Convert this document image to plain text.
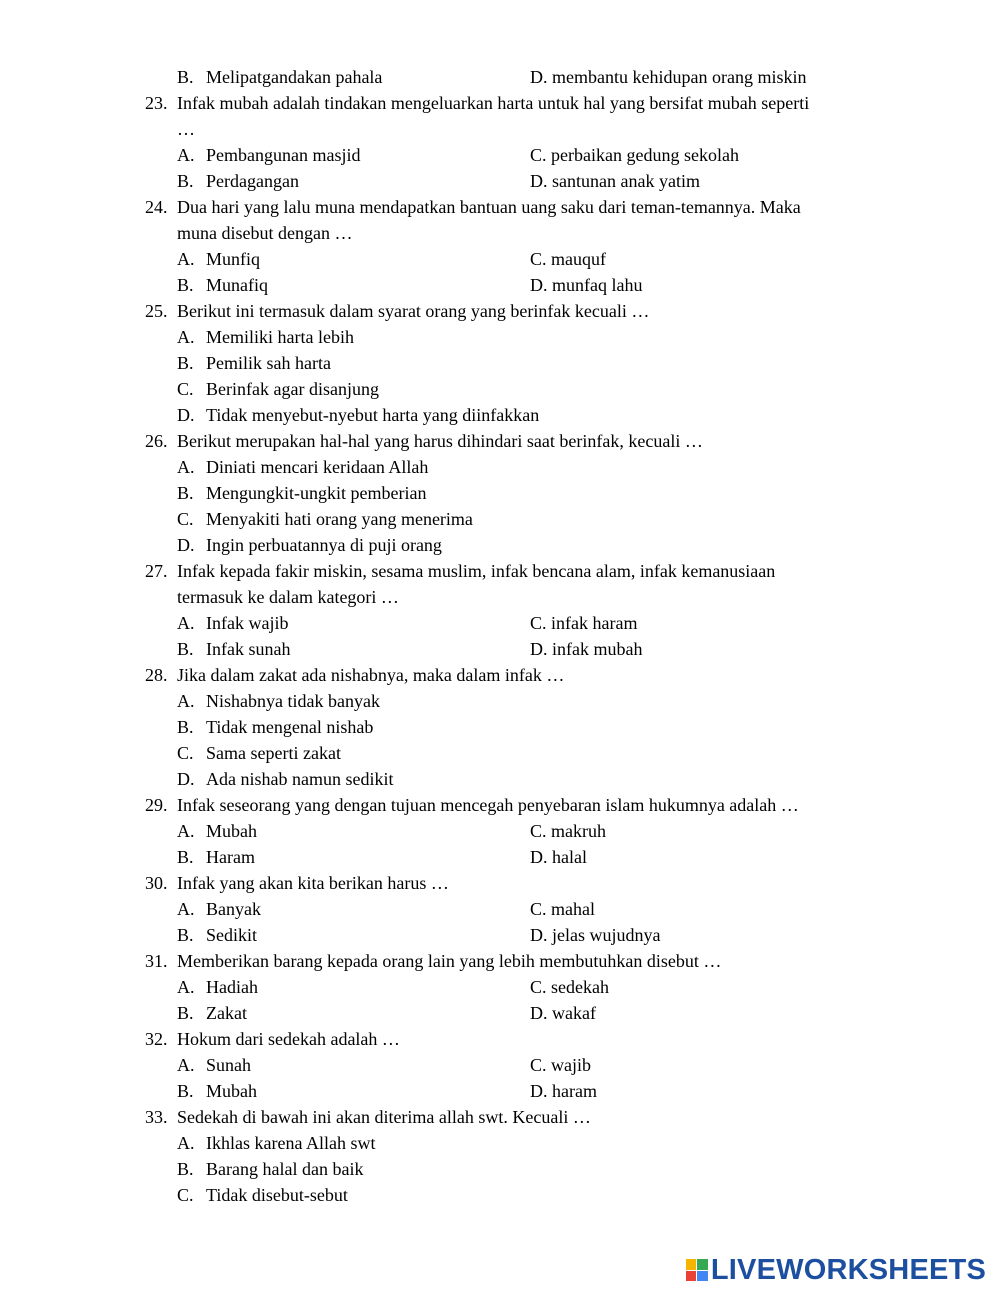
B. Melipatgandakan pahala	D. membantu kehidupan orang miskin
23. Infak mubah adalah tindakan mengeluarkan harta untuk hal yang bersifat mubah seperti
…
A. Pembangunan masjid	C. perbaikan gedung sekolah
B. Perdagangan	D. santunan anak yatim
24. Dua hari yang lalu muna mendapatkan bantuan uang saku dari teman-temannya. Maka
muna disebut dengan …
A. Munfiq	C. mauquf
B. Munafiq	D. munfaq lahu
25. Berikut ini termasuk dalam syarat orang yang berinfak kecuali …
A. Memiliki harta lebih
B. Pemilik sah harta
C. Berinfak agar disanjung
D. Tidak menyebut-nyebut harta yang diinfakkan
26. Berikut merupakan hal-hal yang harus dihindari saat berinfak, kecuali …
A. Diniati mencari keridaan Allah
B. Mengungkit-ungkit pemberian
C. Menyakiti hati orang yang menerima
D. Ingin perbuatannya di puji orang
27. Infak kepada fakir miskin, sesama muslim, infak bencana alam, infak kemanusiaan
termasuk ke dalam kategori …
A. Infak wajib	C. infak haram
B. Infak sunah	D. infak mubah
28. Jika dalam zakat ada nishabnya, maka dalam infak …
A. Nishabnya tidak banyak
B. Tidak mengenal nishab
C. Sama seperti zakat
D. Ada nishab namun sedikit
29. Infak seseorang yang dengan tujuan mencegah penyebaran islam hukumnya adalah …
A. Mubah	C. makruh
B. Haram	D. halal
30. Infak yang akan kita berikan harus …
A. Banyak	C. mahal
B. Sedikit	D. jelas wujudnya
31. Memberikan barang kepada orang lain yang lebih membutuhkan disebut …
A. Hadiah	C. sedekah
B. Zakat	D. wakaf
32. Hokum dari sedekah adalah …
A. Sunah	C. wajib
B. Mubah	D. haram
33. Sedekah di bawah ini akan diterima allah swt. Kecuali …
A. Ikhlas karena Allah swt
B. Barang halal dan baik
C. Tidak disebut-sebut
LIVEWORKSHEETS
